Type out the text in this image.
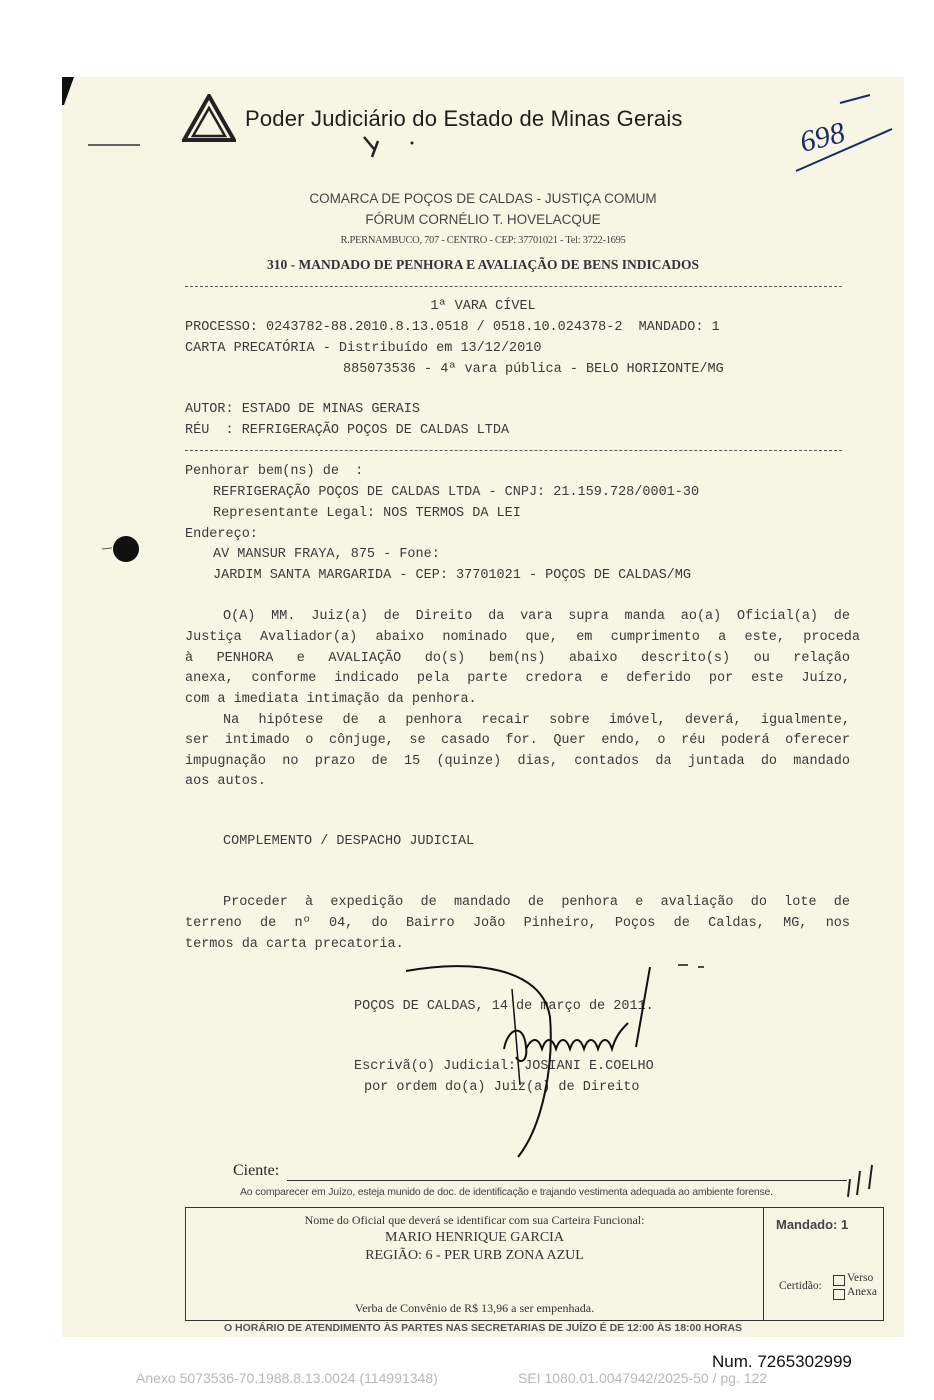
Poder Judiciário do Estado de Minas Gerais	698
COMARCA DE POÇOS DE CALDAS - JUSTIÇA COMUM
FÓRUM CORNÉLIO T. HOVELACQUE
R.PERNAMBUCO, 707 - CENTRO - CEP: 37701021 - Tel: 3722-1695
310 - MANDADO DE PENHORA E AVALIAÇÃO DE BENS INDICADOS
1ª VARA CÍVEL
PROCESSO: 0243782-88.2010.8.13.0518 / 0518.10.024378-2  MANDADO: 1
CARTA PRECATÓRIA - Distribuído em 13/12/2010
885073536 - 4ª vara pública - BELO HORIZONTE/MG
AUTOR: ESTADO DE MINAS GERAIS
RÉU  : REFRIGERAÇÃO POÇOS DE CALDAS LTDA
Penhorar bem(ns) de  :
REFRIGERAÇÃO POÇOS DE CALDAS LTDA - CNPJ: 21.159.728/0001-30
Representante Legal: NOS TERMOS DA LEI
Endereço:
AV MANSUR FRAYA, 875 - Fone:
JARDIM SANTA MARGARIDA - CEP: 37701021 - POÇOS DE CALDAS/MG
O(A) MM. Juiz(a) de Direito da vara supra manda ao(a) Oficial(a) de
Justiça Avaliador(a) abaixo nominado que, em cumprimento a este, proceda
à PENHORA e AVALIAÇÃO do(s) bem(ns) abaixo descrito(s) ou relação
anexa, conforme indicado pela parte credora e deferido por este Juízo,
com a imediata intimação da penhora.
Na hipótese de a penhora recair sobre imóvel, deverá, igualmente,
ser intimado o cônjuge, se casado for. Quer endo, o réu poderá oferecer
impugnação no prazo de 15 (quinze) dias, contados da juntada do mandado
aos autos.
COMPLEMENTO / DESPACHO JUDICIAL
Proceder à expedição de mandado de penhora e avaliação do lote de
terreno de nº 04, do Bairro João Pinheiro, Poços de Caldas, MG, nos
termos da carta precatoria.
POÇOS DE CALDAS, 14 de março de 2011.
Escrivã(o) Judicial: JOSIANI E.COELHO
por ordem do(a) Juiz(a) de Direito
Ciente:
Ao comparecer em Juízo, esteja munido de doc. de identificação e trajando vestimenta adequada ao ambiente forense.
Nome do Oficial que deverá se identificar com sua Carteira Funcional:
MARIO HENRIQUE GARCIA
REGIÃO: 6 - PER URB ZONA AZUL
Verba de Convênio de R$ 13,96 a ser empenhada.
Mandado: 1
Certidão:
Verso
Anexa
O HORÁRIO DE ATENDIMENTO ÀS PARTES NAS SECRETARIAS DE JUÍZO É DE 12:00 ÀS 18:00 HORAS
Num. 7265302999
Anexo 5073536-70.1988.8.13.0024 (114991348)	SEI 1080.01.0047942/2025-50 / pg. 122
